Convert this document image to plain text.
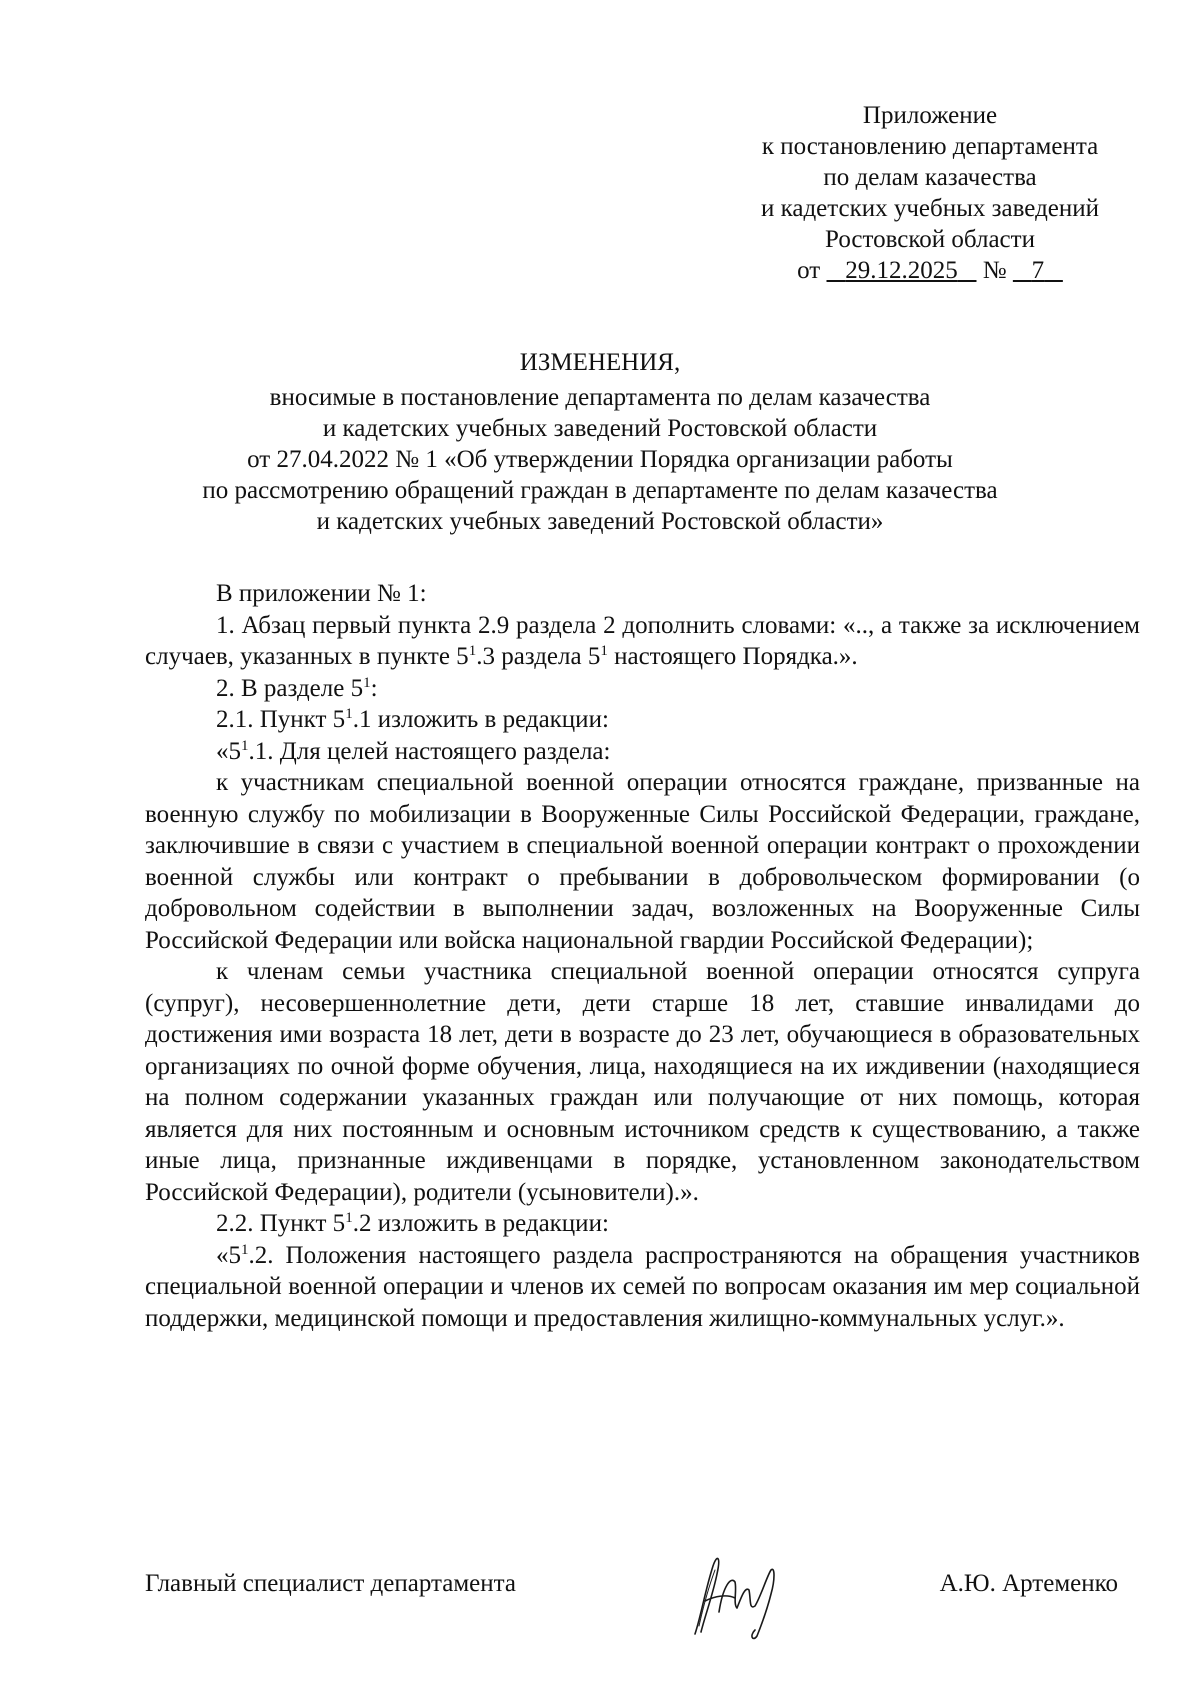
Приложение
к постановлению департамента
по делам казачества
и кадетских учебных заведений
Ростовской области
от 29.12.2025 № 7
ИЗМЕНЕНИЯ,
вносимые в постановление департамента по делам казачества
и кадетских учебных заведений Ростовской области
от 27.04.2022 № 1 «Об утверждении Порядка организации работы
по рассмотрению обращений граждан в департаменте по делам казачества
и кадетских учебных заведений Ростовской области»

В приложении № 1:

1. Абзац первый пункта 2.9 раздела 2 дополнить словами: «.., а также за исключением случаев, указанных в пункте $5^1.3$ раздела $5^1$ настоящего Порядка.».

2. В разделе $5^1$:

2.1. Пункт $5^1.1$ изложить в редакции:

«$5^1.1$. Для целей настоящего раздела:

к участникам специальной военной операции относятся граждане, призванные на военную службу по мобилизации в Вооруженные Силы Российской Федерации, граждане, заключившие в связи с участием в специальной военной операции контракт о прохождении военной службы или контракт о пребывании в добровольческом формировании (о добровольном содействии в выполнении задач, возложенных на Вооруженные Силы Российской Федерации или войска национальной гвардии Российской Федерации);

к членам семьи участника специальной военной операции относятся супруга (супруг), несовершеннолетние дети, дети старше 18 лет, ставшие инвалидами до достижения ими возраста 18 лет, дети в возрасте до 23 лет, обучающиеся в образовательных организациях по очной форме обучения, лица, находящиеся на их иждивении (находящиеся на полном содержании указанных граждан или получающие от них помощь, которая является для них постоянным и основным источником средств к существованию, а также иные лица, признанные иждивенцами в порядке, установленном законодательством Российской Федерации), родители (усыновители).».

2.2. Пункт $5^1.2$ изложить в редакции:

«$5^1.2$. Положения настоящего раздела распространяются на обращения участников специальной военной операции и членов их семей по вопросам оказания им мер социальной поддержки, медицинской помощи и предоставления жилищно-коммунальных услуг.».

Главный специалист департамента	А.Ю. Артеменко
